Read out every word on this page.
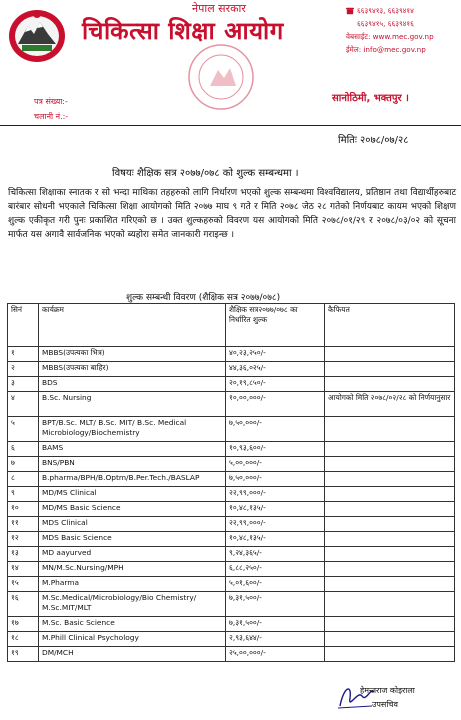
नेपाल सरकार
चिकित्सा शिक्षा आयोग
६६३९४१३, ६६३९४१४
६६३९४१५, ६६३९४१६
वेबसाईट: www.mec.gov.np
ईमेल: info@mec.gov.np
पत्र संख्या:-
चलानी नं.:-
सानोठिमी, भक्तपुर ।
मितिः २०७८/०७/२८
विषयः शैक्षिक सत्र २०७७/०७८ को शुल्क सम्बन्धमा ।
चिकित्सा शिक्षाका स्नातक र सो भन्दा माथिका तहहरुको लागि निर्धारण भएको शुल्क सम्बन्धमा विश्वविद्यालय, प्रतिष्ठान तथा विद्यार्थीहरुबाट बारंबार सोधनी भएकाले चिकित्सा शिक्षा आयोगको मिति २०७७ माघ ९ गते र मिति २०७८ जेठ २८ गतेको निर्णयबाट कायम भएको शिक्षण शुल्क एकीकृत गरी पुनः प्रकाशित गरिएको छ । उक्त शुल्कहरुको विवरण यस आयोगको मिति २०७८/०१/२९ र २०७८/०३/०२ को सूचना मार्फत यस अगावै सार्वजनिक भएको ब्यहोरा समेत जानकारी गराइन्छ ।
शुल्क सम्बन्धी विवरण (शैक्षिक सत्र २०७७/०७८)
सिनं	कार्यक्रम	शैक्षिक सत्र२०७७/०७८ का निर्धारित शुल्क	कैफियत
१	MBBS(उपत्यका भित्र)	४०,२३,२५०/-	
२	MBBS(उपत्यका बाहिर)	४४,३६,०२५/-	
३	BDS	२०,१९,८५०/-	
४	B.Sc. Nursing	१०,००,०००/-	आयोगको मिति २०७८/०२/२८ को निर्णयानुसार
५	BPT/B.Sc. MLT/ B.Sc. MIT/ B.Sc. Medical Microbiology/Biochemistry	७,५०,०००/-	
६	BAMS	१०,९३,६००/-	
७	BNS/PBN	५,००,०००/-	
८	B.pharma/BPH/B.Optm/B.Per.Tech./BASLAP	७,५०,०००/-	
९	MD/MS Clinical	२२,९९,०००/-	
१०	MD/MS Basic Science	१०,४८,१३५/-	
११	MDS Clinical	२२,९९,०००/-	
१२	MDS Basic Science	१०,४८,१३५/-	
१३	MD aayurved	९,२४,३६५/-	
१४	MN/M.Sc.Nursing/MPH	६,८८,२५०/-	
१५	M.Pharma	५,०१,६००/-	
१६	M.Sc.Medical/Microbiology/Bio Chemistry/ M.Sc.MIT/MLT	७,३१,५००/-	
१७	M.Sc. Basic Science	७,३१,५००/-	
१८	M.Phill Clinical Psychology	२,९३,६४४/-	
१९	DM/MCH	२५,००,०००/-	
हेमन्तराज कोइराला
उपसचिव
